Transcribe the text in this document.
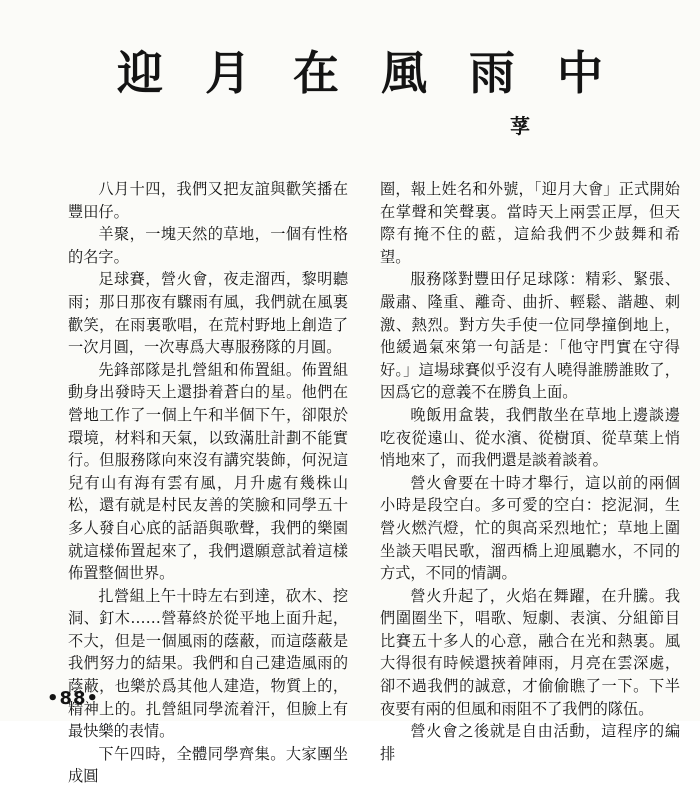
迎 月 在 風 雨 中
莩

八月十四，我們又把友誼與歡笑播在豐田仔。

羊聚，一塊天然的草地，一個有性格的名字。

足球賽，營火會，夜走溜西，黎明聽雨；那日那夜有驟雨有風，我們就在風裏歡笑，在雨裏歌唱，在荒村野地上創造了一次月圓，一次專爲大專服務隊的月圓。

先鋒部隊是扎營組和佈置組。佈置組動身出發時天上還掛着蒼白的星。他們在營地工作了一個上午和半個下午，卻限於環境，材料和天氣，以致滿肚計劃不能實行。但服務隊向來沒有講究裝飾，何況這兒有山有海有雲有風，月升處有幾株山松，還有就是村民友善的笑臉和同學五十多人發自心底的話語與歌聲，我們的樂園就這樣佈置起來了，我們還願意試着這樣佈置整個世界。

扎營組上午十時左右到達，砍木、挖洞、釘木……營幕終於從平地上面升起，不大，但是一個風雨的蔭蔽，而這蔭蔽是我們努力的結果。我們和自己建造風雨的蔭蔽，也樂於爲其他人建造，物質上的，精神上的。扎營組同學流着汗，但臉上有最快樂的表情。

下午四時，全體同學齊集。大家團坐成圓

圈，報上姓名和外號，「迎月大會」正式開始在掌聲和笑聲裏。當時天上兩雲正厚，但天際有掩不住的藍，這給我們不少鼓舞和希望。

服務隊對豐田仔足球隊：精彩、緊張、嚴肅、隆重、離奇、曲折、輕鬆、諧趣、刺激、熱烈。對方失手使一位同學撞倒地上，他緩過氣來第一句話是：「他守門實在守得好。」這場球賽似乎沒有人曉得誰勝誰敗了，因爲它的意義不在勝負上面。

晚飯用盒裝，我們散坐在草地上邊談邊吃夜從遠山、從水濱、從樹頂、從草葉上悄悄地來了，而我們還是談着談着。

營火會要在十時才舉行，這以前的兩個小時是段空白。多可愛的空白：挖泥洞，生營火燃汽燈，忙的與高采烈地忙；草地上圍坐談天唱民歌，溜西橋上迎風聽水，不同的方式，不同的情調。

營火升起了，火焰在舞躍，在升騰。我們圍圈坐下，唱歌、短劇、表演、分組節目比賽五十多人的心意，融合在光和熱裏。風大得很有時候還挾着陣雨，月亮在雲深處，卻不過我們的誠意，才偷偷瞧了一下。下半夜要有兩的但風和雨阻不了我們的隊伍。

營火會之後就是自由活動，這程序的編排

•88•
